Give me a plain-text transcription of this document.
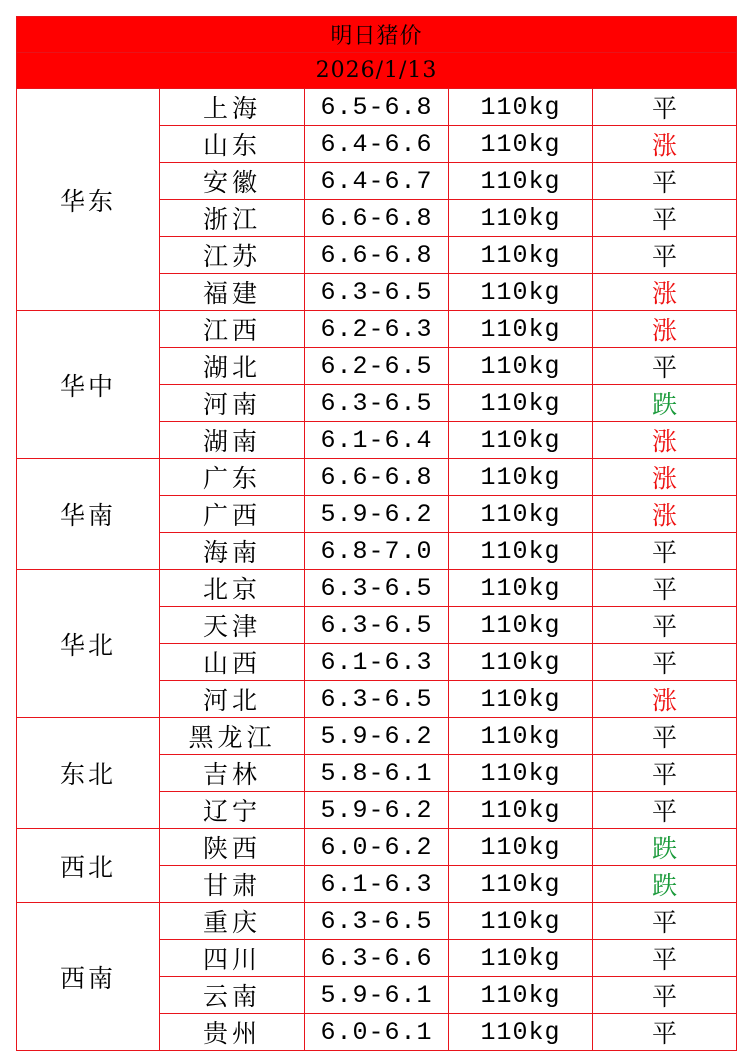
明日猪价				
2026/1/13				
华东	上海	6.5-6.8	110kg	平
	山东	6.4-6.6	110kg	涨
	安徽	6.4-6.7	110kg	平
	浙江	6.6-6.8	110kg	平
	江苏	6.6-6.8	110kg	平
	福建	6.3-6.5	110kg	涨
华中	江西	6.2-6.3	110kg	涨
	湖北	6.2-6.5	110kg	平
	河南	6.3-6.5	110kg	跌
	湖南	6.1-6.4	110kg	涨
华南	广东	6.6-6.8	110kg	涨
	广西	5.9-6.2	110kg	涨
	海南	6.8-7.0	110kg	平
华北	北京	6.3-6.5	110kg	平
	天津	6.3-6.5	110kg	平
	山西	6.1-6.3	110kg	平
	河北	6.3-6.5	110kg	涨
东北	黑龙江	5.9-6.2	110kg	平
	吉林	5.8-6.1	110kg	平
	辽宁	5.9-6.2	110kg	平
西北	陕西	6.0-6.2	110kg	跌
	甘肃	6.1-6.3	110kg	跌
西南	重庆	6.3-6.5	110kg	平
	四川	6.3-6.6	110kg	平
	云南	5.9-6.1	110kg	平
	贵州	6.0-6.1	110kg	平
